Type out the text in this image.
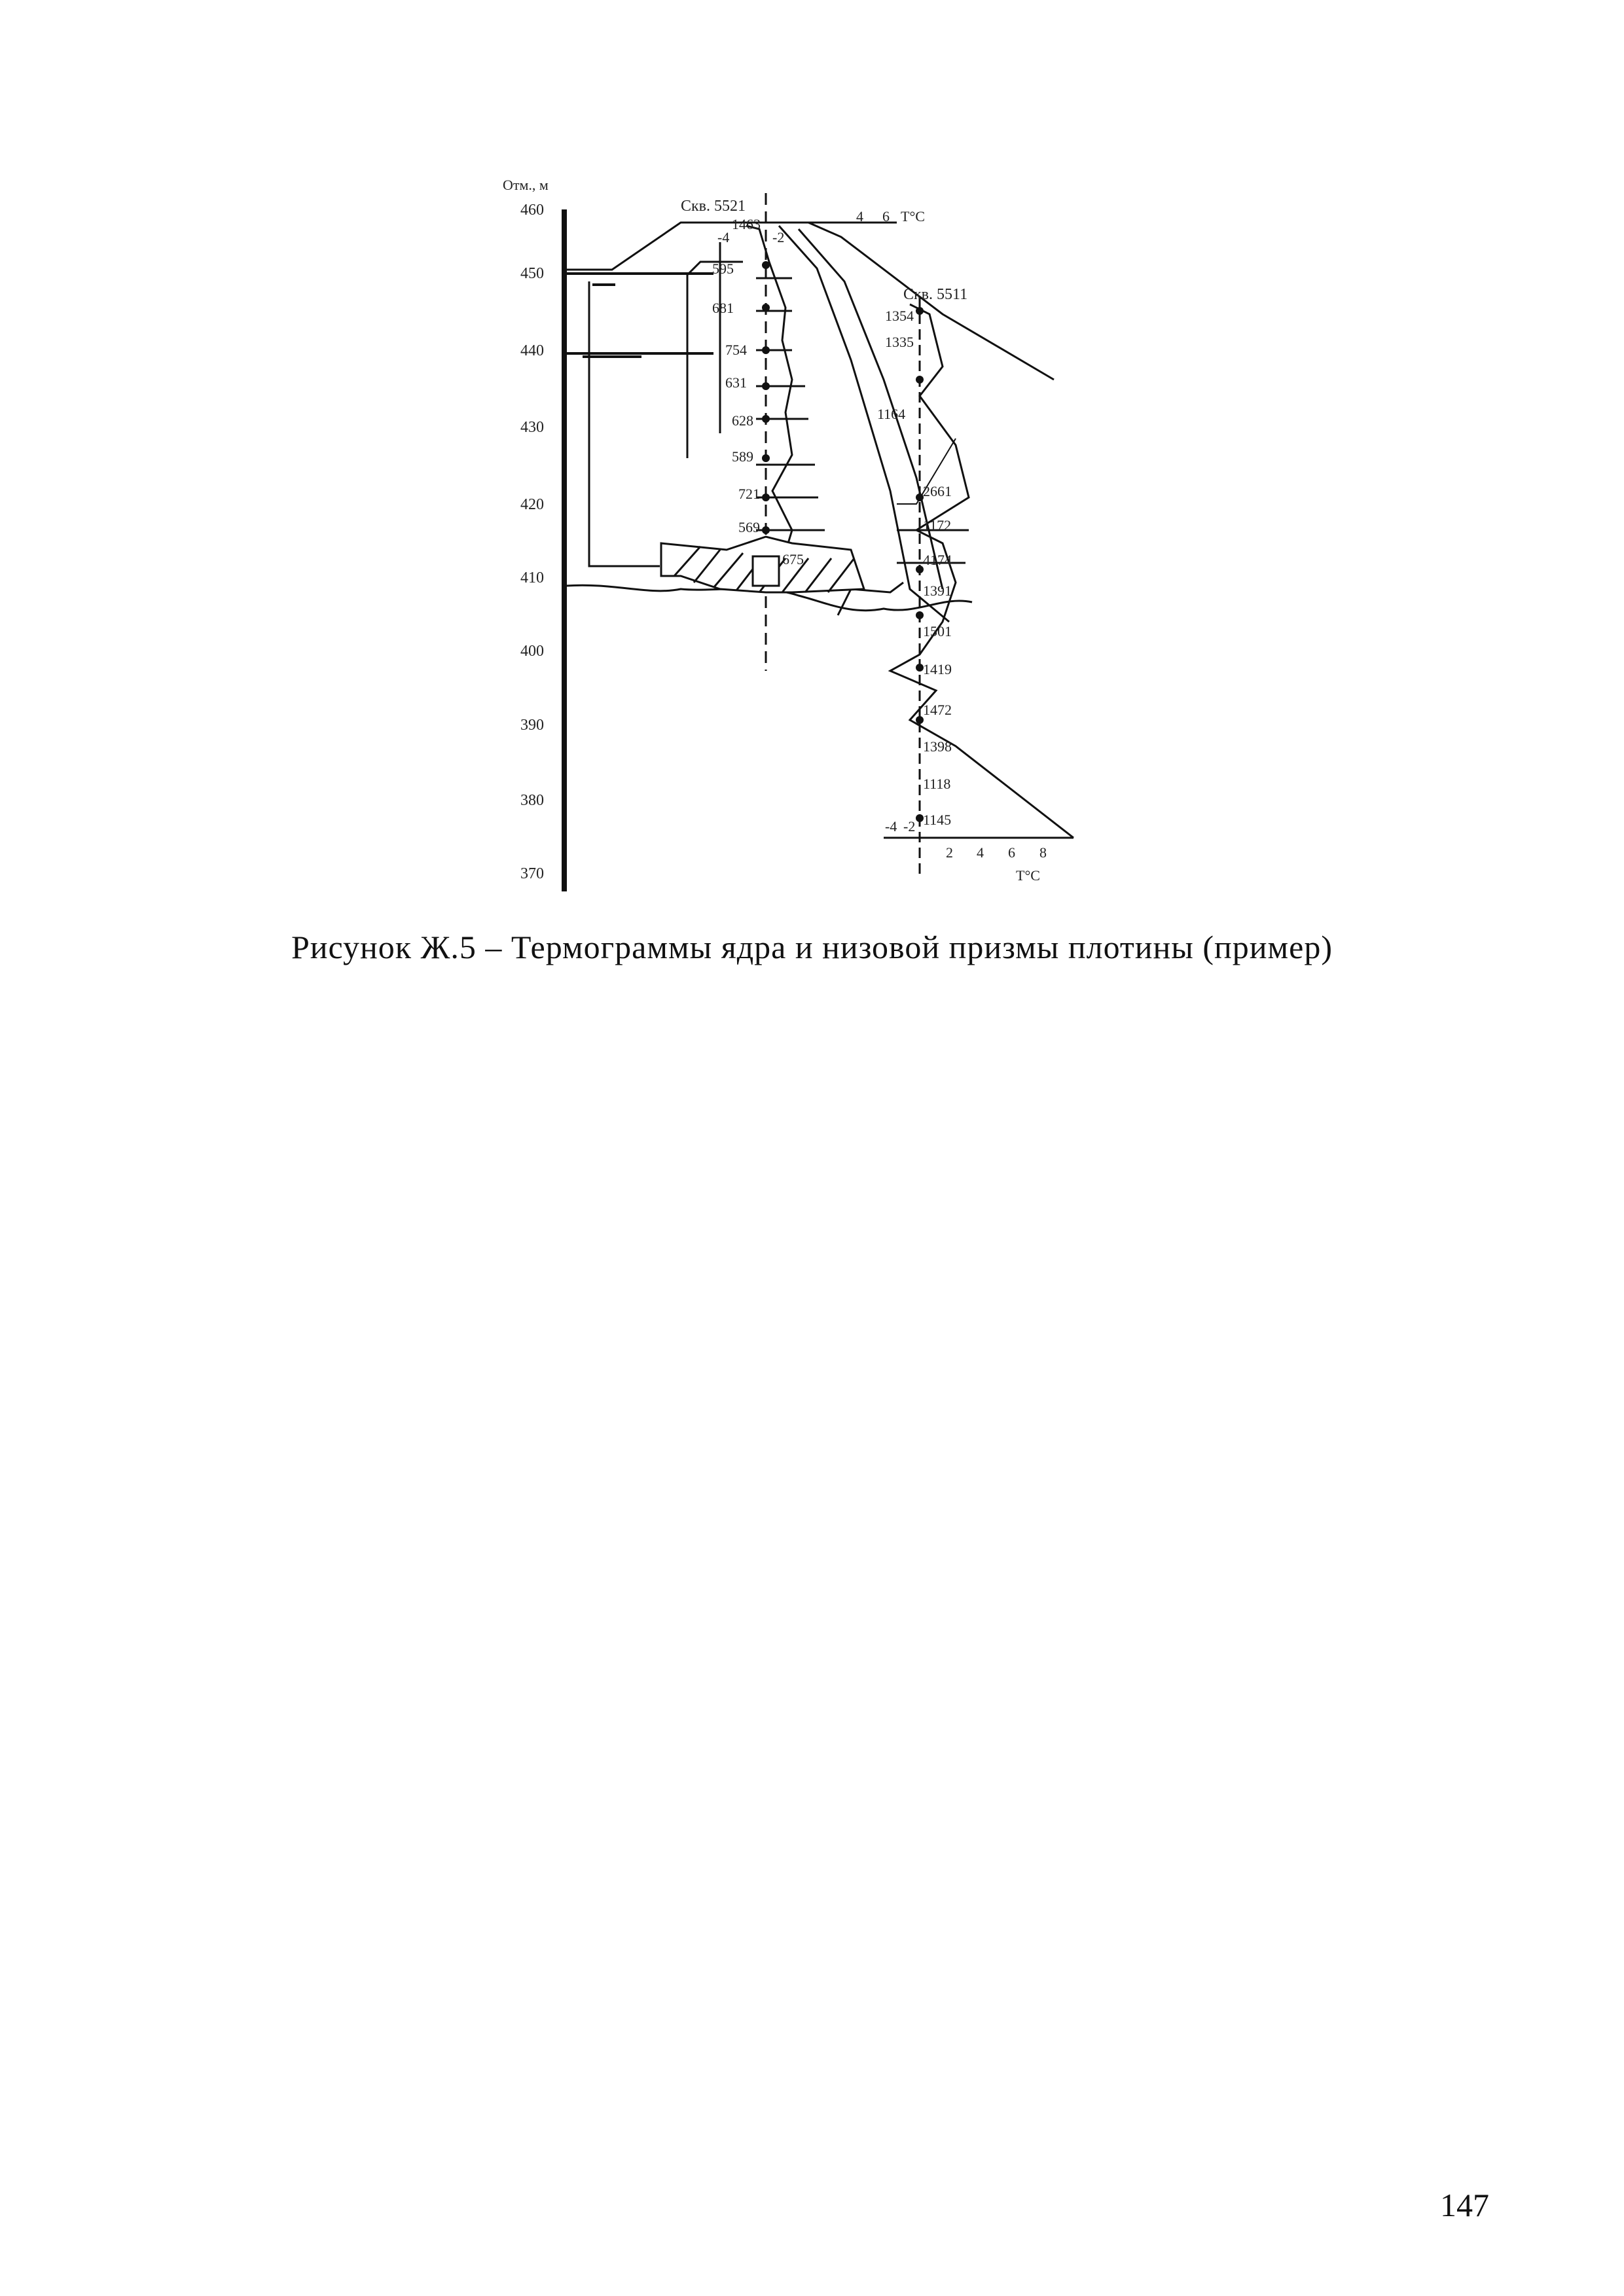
Отм., м
460
450
440
430
420
410
400
390
380
370
Скв. 5521
1463
595
681
754
631
628
589
721
569
675
-4	-2
4 6 T°C
Скв. 5511
1354
1335
1164
2661
1172
4174
1391
1501
1419
1472
1398
1118
1145
-4 -2
2 4 6 8
T°C
Рисунок Ж.5 – Термограммы ядра и низовой призмы плотины (пример)
147
